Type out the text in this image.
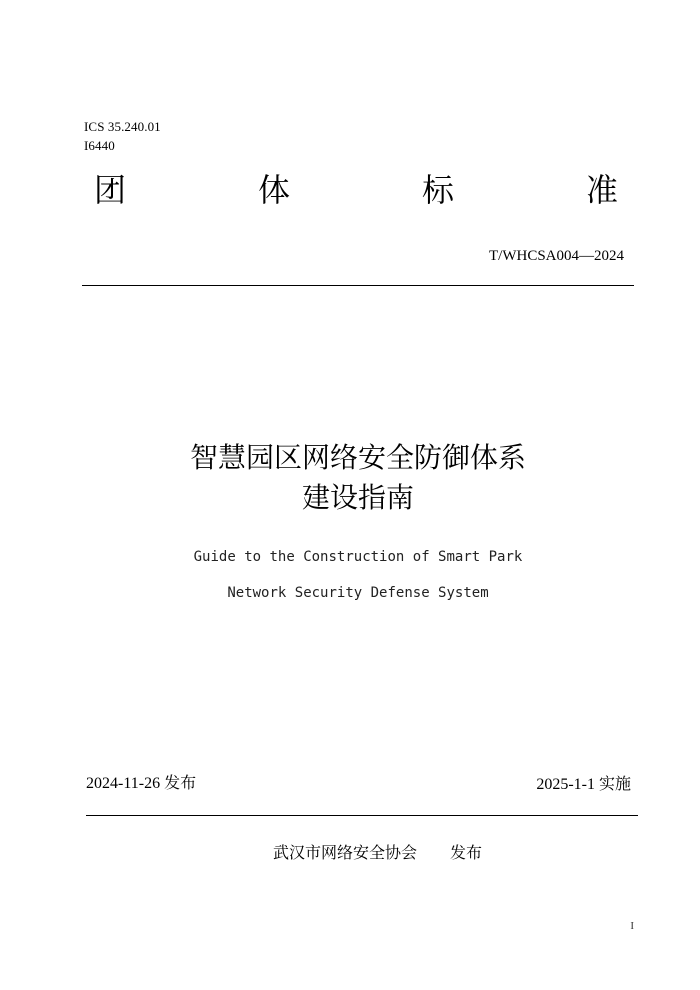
ICS 35.240.01
I6440
团	体	标	准
T/WHCSA004—2024
智慧园区网络安全防御体系
建设指南
Guide to the Construction of Smart Park
Network Security Defense System
2024-11-26 发布	2025-1-1 实施
武汉市网络安全协会 发布
I
